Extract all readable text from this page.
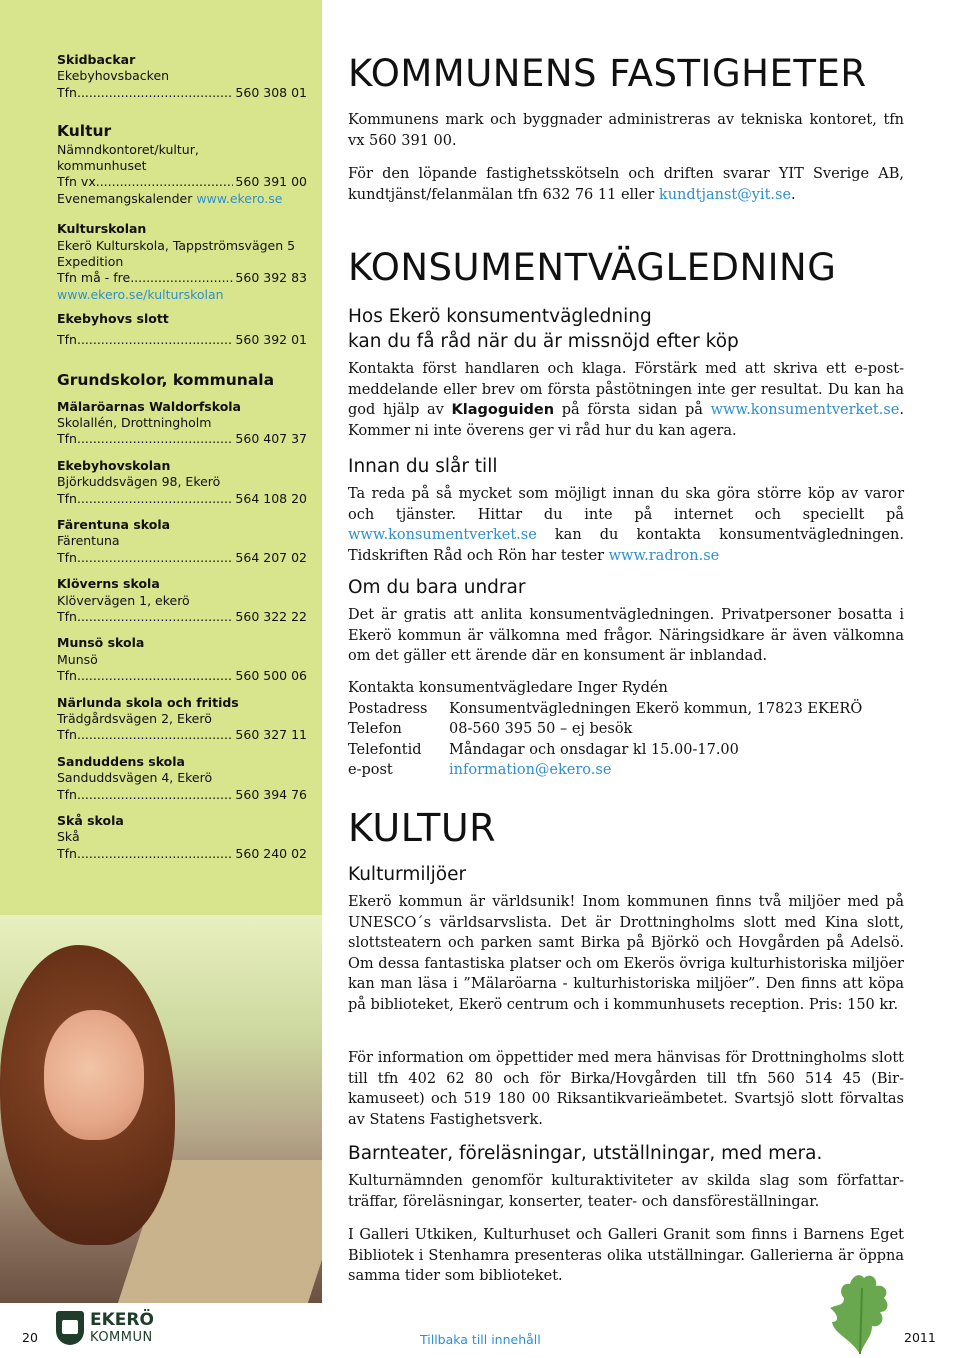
Skidbackar
Ekebyhovsbacken
Tfn .....	560 308 01
Kultur
Nämndkontoret/kultur,
kommunhuset
Tfn vx .....	560 391 00
Evenemangskalender www.ekero.se
Kulturskolan
Ekerö Kulturskola, Tappströmsvägen 5
Expedition
Tfn må - fre .....	560 392 83
www.ekero.se/kulturskolan
Ekebyhovs slott
Tfn .....	560 392 01
Grundskolor, kommunala
Mälaröarnas Waldorfskola
Skolallén, Drottningholm
Tfn .....	560 407 37
Ekebyhovskolan
Björkuddsvägen 98, Ekerö
Tfn .....	564 108 20
Färentuna skola
Färentuna
Tfn .....	564 207 02
Klöverns skola
Klövervägen 1, ekerö
Tfn .....	560 322 22
Munsö skola
Munsö
Tfn .....	560 500 06
Närlunda skola och fritids
Trädgårdsvägen 2, Ekerö
Tfn .....	560 327 11
Sanduddens skola
Sanduddsvägen 4, Ekerö
Tfn .....	560 394 76
Skå skola
Skå
Tfn .....	560 240 02
KOMMUNENS FASTIGHETER

Kommunens mark och byggnader administreras av tekniska kontoret, tfn vx 560 391 00.

För den löpande fastighetsskötseln och driften svarar YIT Sverige AB, kundtjänst/felanmälan tfn 632 76 11 eller kundtjanst@yit.se.

KONSUMENTVÄGLEDNING
Hos Ekerö konsumentvägledning
kan du få råd när du är missnöjd efter köp

Kontakta först handlaren och klaga. Förstärk med att skriva ett e-postmeddelande eller brev om första påstötningen inte ger resultat. Du kan ha god hjälp av Klagoguiden på första sidan på www.konsumentverket.se. Kommer ni inte överens ger vi råd hur du kan agera.

Innan du slår till

Ta reda på så mycket som möjligt innan du ska göra större köp av varor och tjänster. Hittar du inte på internet och speciellt på www.konsumentverket.se kan du kontakta konsumentvägledningen. Tidskriften Råd och Rön har tester www.radron.se

Om du bara undrar

Det är gratis att anlita konsumentvägledningen. Privatpersoner bosatta i Ekerö kommun är välkomna med frågor. Näringsidkare är även välkomna om det gäller ett ärende där en konsument är inblandad.

Kontakta konsumentvägledare Inger Rydén
Postadress	Konsumentvägledningen Ekerö kommun, 17823 EKERÖ
Telefon	08-560 395 50 – ej besök
Telefontid	Måndagar och onsdagar kl 15.00-17.00
e-post	information@ekero.se
KULTUR
Kulturmiljöer

Ekerö kommun är världsunik! Inom kommunen finns två miljöer med på UNESCO´s världsarvslista. Det är Drottningholms slott med Kina slott, slottsteatern och parken samt Birka på Björkö och Hovgården på Adelsö. Om dessa fantastiska platser och om Ekerös övriga kulturhistoriska miljöer kan man läsa i ”Mälaröarna - kulturhistoriska miljöer”. Den finns att köpa på biblioteket, Ekerö centrum och i kommunhusets reception. Pris: 150 kr.

För information om öppettider med mera hänvisas för Drottningholms slott till tfn 402 62 80 och för Birka/Hovgården till tfn 560 514 45 (Birkamuseet) och 519 180 00 Riksantikvarieämbetet. Svartsjö slott förvaltas av Statens Fastighetsverk.

Barnteater, föreläsningar, utställningar, med mera.

Kulturnämnden genomför kulturaktiviteter av skilda slag som författarträffar, föreläsningar, konserter, teater- och dansföreställningar.

I Galleri Utkiken, Kulturhuset och Galleri Granit som finns i Barnens Eget Bibliotek i Stenhamra presenteras olika utställningar. Gallerierna är öppna samma tider som biblioteket.

20
EKERÖ
KOMMUN	Tillbaka till innehåll	2011
